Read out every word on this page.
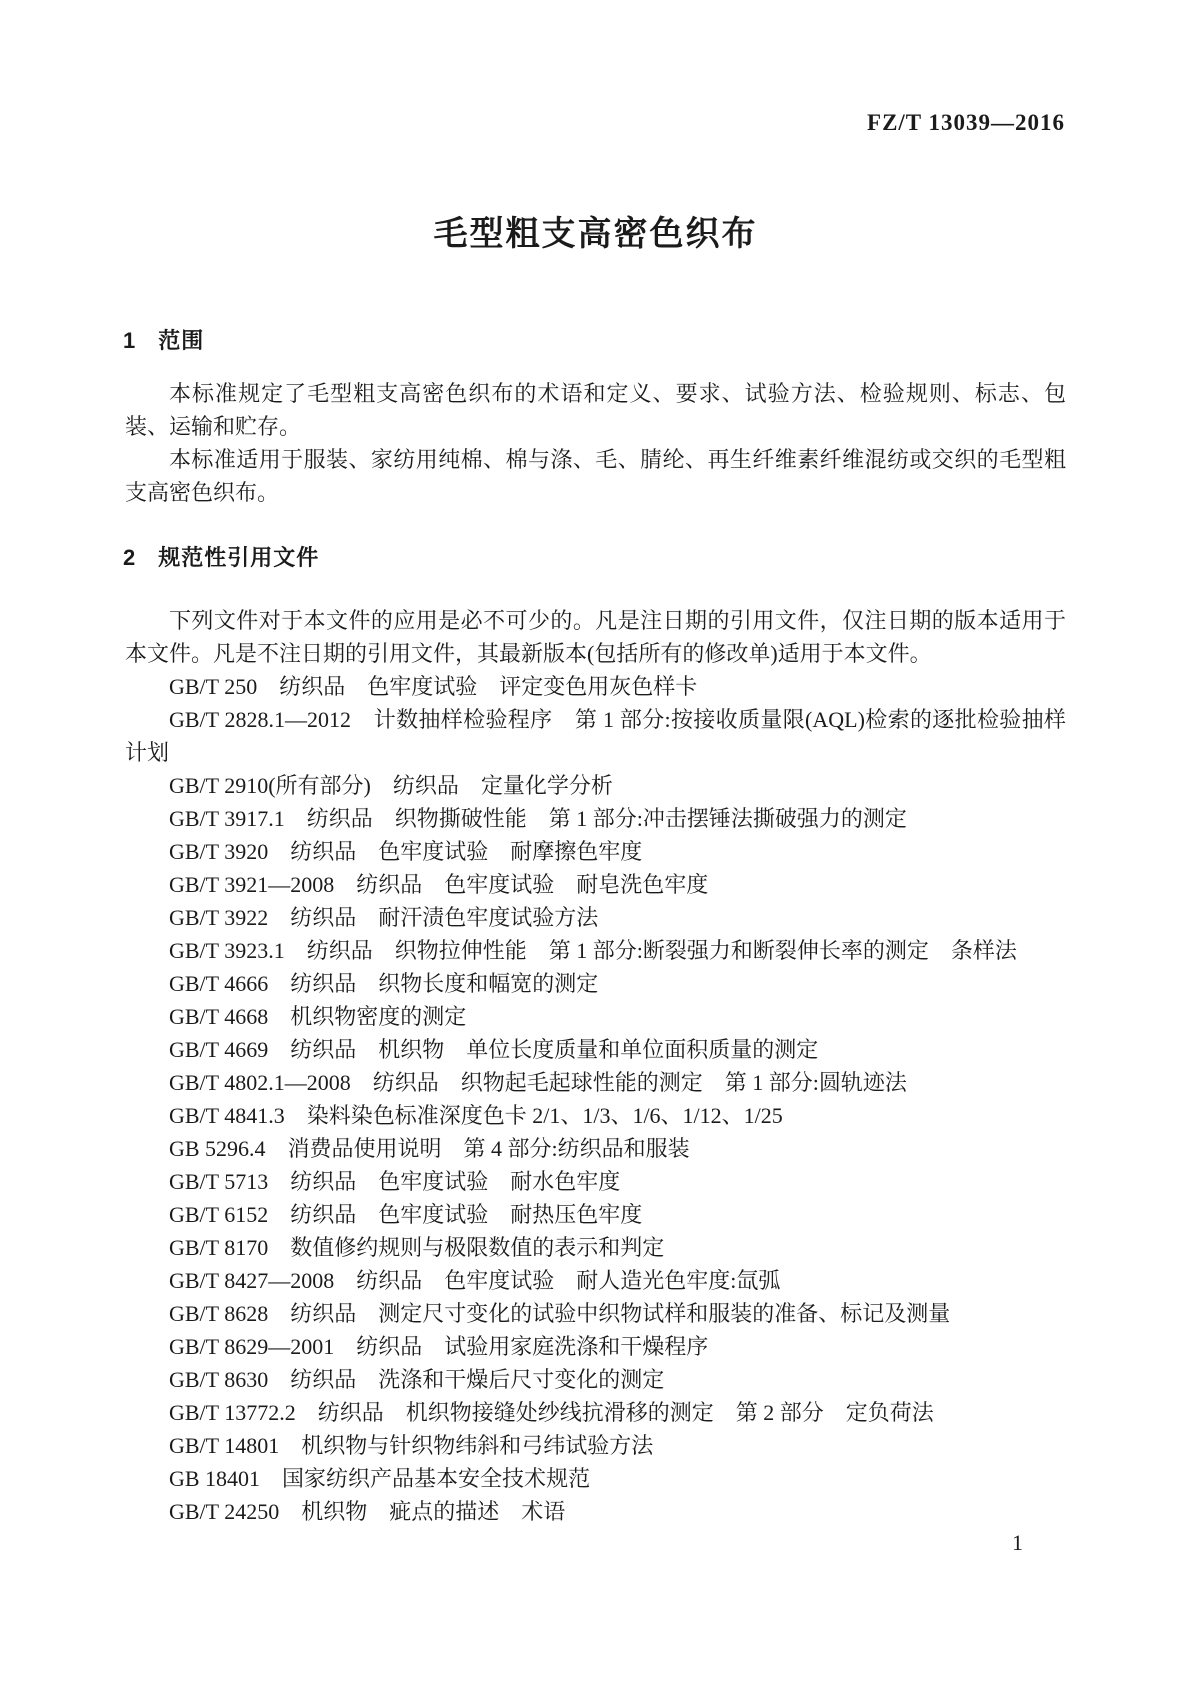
FZ/T 13039—2016
毛型粗支高密色织布
1 范围

本标准规定了毛型粗支高密色织布的术语和定义、要求、试验方法、检验规则、标志、包装、运输和贮存。

本标准适用于服装、家纺用纯棉、棉与涤、毛、腈纶、再生纤维素纤维混纺或交织的毛型粗支高密色织布。

2 规范性引用文件

下列文件对于本文件的应用是必不可少的。凡是注日期的引用文件，仅注日期的版本适用于本文件。凡是不注日期的引用文件，其最新版本(包括所有的修改单)适用于本文件。

GB/T 250　纺织品　色牢度试验　评定变色用灰色样卡

GB/T 2828.1—2012　计数抽样检验程序　第 1 部分:按接收质量限(AQL)检索的逐批检验抽样计划

GB/T 2910(所有部分)　纺织品　定量化学分析

GB/T 3917.1　纺织品　织物撕破性能　第 1 部分:冲击摆锤法撕破强力的测定

GB/T 3920　纺织品　色牢度试验　耐摩擦色牢度

GB/T 3921—2008　纺织品　色牢度试验　耐皂洗色牢度

GB/T 3922　纺织品　耐汗渍色牢度试验方法

GB/T 3923.1　纺织品　织物拉伸性能　第 1 部分:断裂强力和断裂伸长率的测定　条样法

GB/T 4666　纺织品　织物长度和幅宽的测定

GB/T 4668　机织物密度的测定

GB/T 4669　纺织品　机织物　单位长度质量和单位面积质量的测定

GB/T 4802.1—2008　纺织品　织物起毛起球性能的测定　第 1 部分:圆轨迹法

GB/T 4841.3　染料染色标准深度色卡 2/1、1/3、1/6、1/12、1/25

GB 5296.4　消费品使用说明　第 4 部分:纺织品和服装

GB/T 5713　纺织品　色牢度试验　耐水色牢度

GB/T 6152　纺织品　色牢度试验　耐热压色牢度

GB/T 8170　数值修约规则与极限数值的表示和判定

GB/T 8427—2008　纺织品　色牢度试验　耐人造光色牢度:氙弧

GB/T 8628　纺织品　测定尺寸变化的试验中织物试样和服装的准备、标记及测量

GB/T 8629—2001　纺织品　试验用家庭洗涤和干燥程序

GB/T 8630　纺织品　洗涤和干燥后尺寸变化的测定

GB/T 13772.2　纺织品　机织物接缝处纱线抗滑移的测定　第 2 部分　定负荷法

GB/T 14801　机织物与针织物纬斜和弓纬试验方法

GB 18401　国家纺织产品基本安全技术规范

GB/T 24250　机织物　疵点的描述　术语

1
